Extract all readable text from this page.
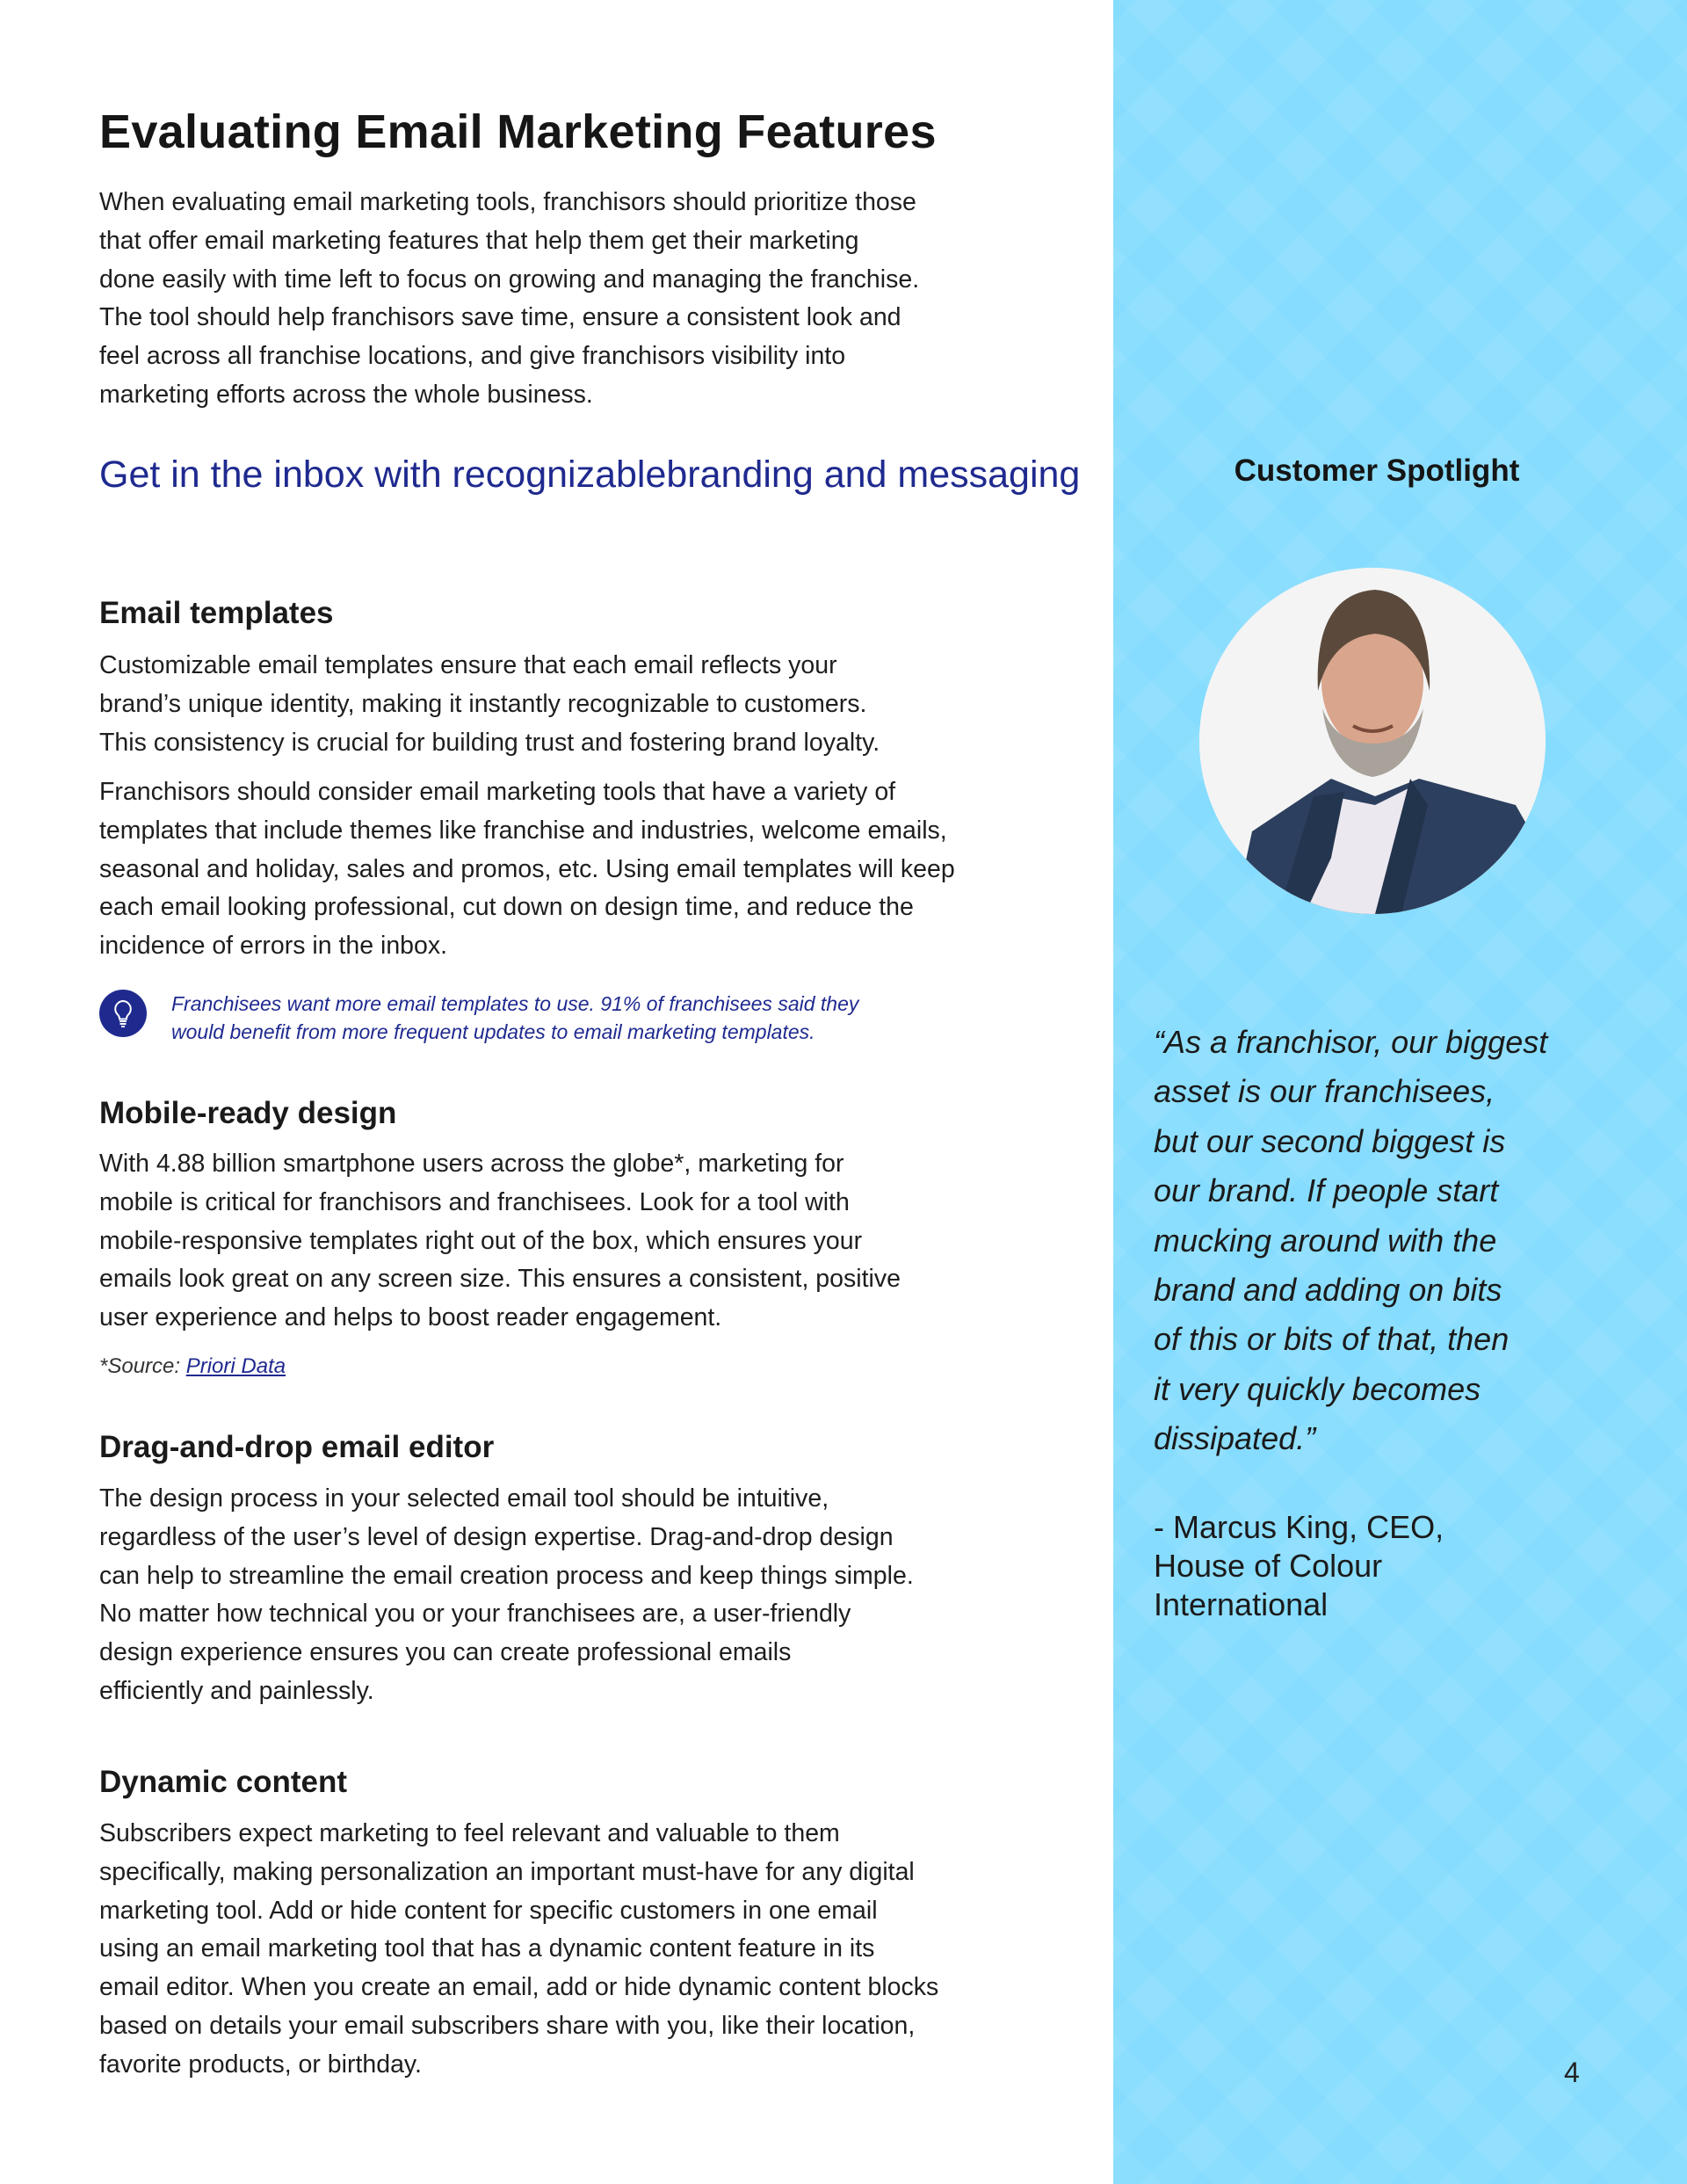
Evaluating Email Marketing Features
When evaluating email marketing tools, franchisors should prioritize those
that offer email marketing features that help them get their marketing
done easily with time left to focus on growing and managing the franchise.
The tool should help franchisors save time, ensure a consistent look and
feel across all franchise locations, and give franchisors visibility into
marketing efforts across the whole business.
Get in the inbox with recognizablebranding and messaging
Email templates
Customizable email templates ensure that each email reflects your
brand’s unique identity, making it instantly recognizable to customers.
This consistency is crucial for building trust and fostering brand loyalty.
Franchisors should consider email marketing tools that have a variety of
templates that include themes like franchise and industries, welcome emails,
seasonal and holiday, sales and promos, etc. Using email templates will keep
each email looking professional, cut down on design time, and reduce the
incidence of errors in the inbox.
Franchisees want more email templates to use. 91% of franchisees said they
would benefit from more frequent updates to email marketing templates.
Mobile-ready design
With 4.88 billion smartphone users across the globe*, marketing for
mobile is critical for franchisors and franchisees. Look for a tool with
mobile-responsive templates right out of the box, which ensures your
emails look great on any screen size. This ensures a consistent, positive
user experience and helps to boost reader engagement.
*Source: Priori Data
Drag-and-drop email editor
The design process in your selected email tool should be intuitive,
regardless of the user’s level of design expertise. Drag-and-drop design
can help to streamline the email creation process and keep things simple.
No matter how technical you or your franchisees are, a user-friendly
design experience ensures you can create professional emails
efficiently and painlessly.
Dynamic content
Subscribers expect marketing to feel relevant and valuable to them
specifically, making personalization an important must-have for any digital
marketing tool. Add or hide content for specific customers in one email
using an email marketing tool that has a dynamic content feature in its
email editor. When you create an email, add or hide dynamic content blocks
based on details your email subscribers share with you, like their location,
favorite products, or birthday.
Customer Spotlight
“As a franchisor, our biggest
asset is our franchisees,
but our second biggest is
our brand. If people start
mucking around with the
brand and adding on bits
of this or bits of that, then
it very quickly becomes
dissipated.”
- Marcus King, CEO,
House of Colour
International
4
